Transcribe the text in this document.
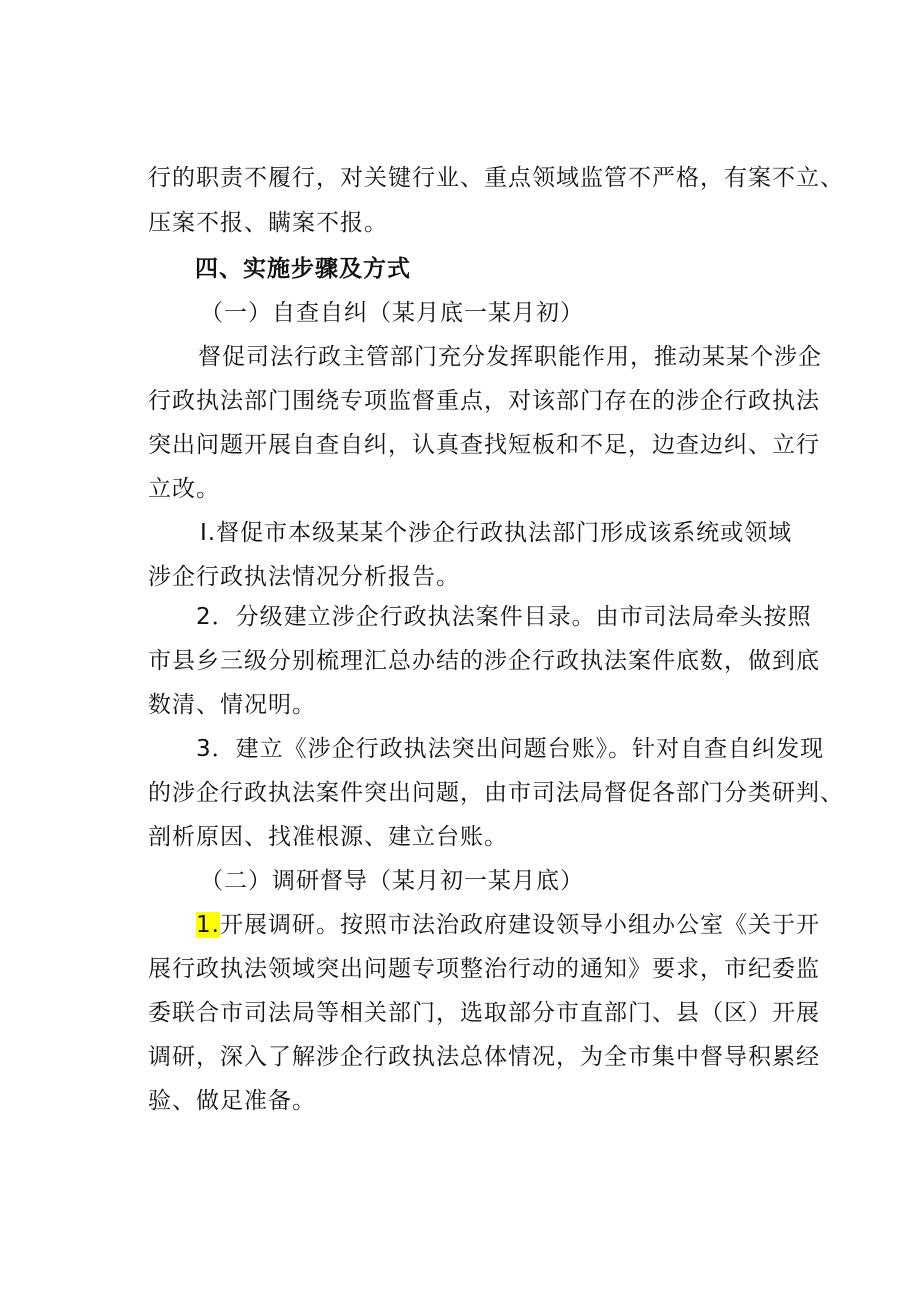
行的职责不履行，对关键行业、重点领域监管不严格，有案不立、
压案不报、瞒案不报。
四、实施步骤及方式
（一）自查自纠（某月底一某月初）
督促司法行政主管部门充分发挥职能作用，推动某某个涉企
行政执法部门围绕专项监督重点，对该部门存在的涉企行政执法
突出问题开展自查自纠，认真查找短板和不足，边查边纠、立行
立改。
I.督促市本级某某个涉企行政执法部门形成该系统或领域
涉企行政执法情况分析报告。
2．分级建立涉企行政执法案件目录。由市司法局牵头按照
市县乡三级分别梳理汇总办结的涉企行政执法案件底数，做到底
数清、情况明。
3．建立《涉企行政执法突出问题台账》。针对自查自纠发现
的涉企行政执法案件突出问题，由市司法局督促各部门分类研判、
剖析原因、找准根源、建立台账。
（二）调研督导（某月初一某月底）
1.开展调研。按照市法治政府建设领导小组办公室《关于开
展行政执法领域突出问题专项整治行动的通知》要求，市纪委监
委联合市司法局等相关部门，选取部分市直部门、县（区）开展
调研，深入了解涉企行政执法总体情况，为全市集中督导积累经
验、做足准备。
